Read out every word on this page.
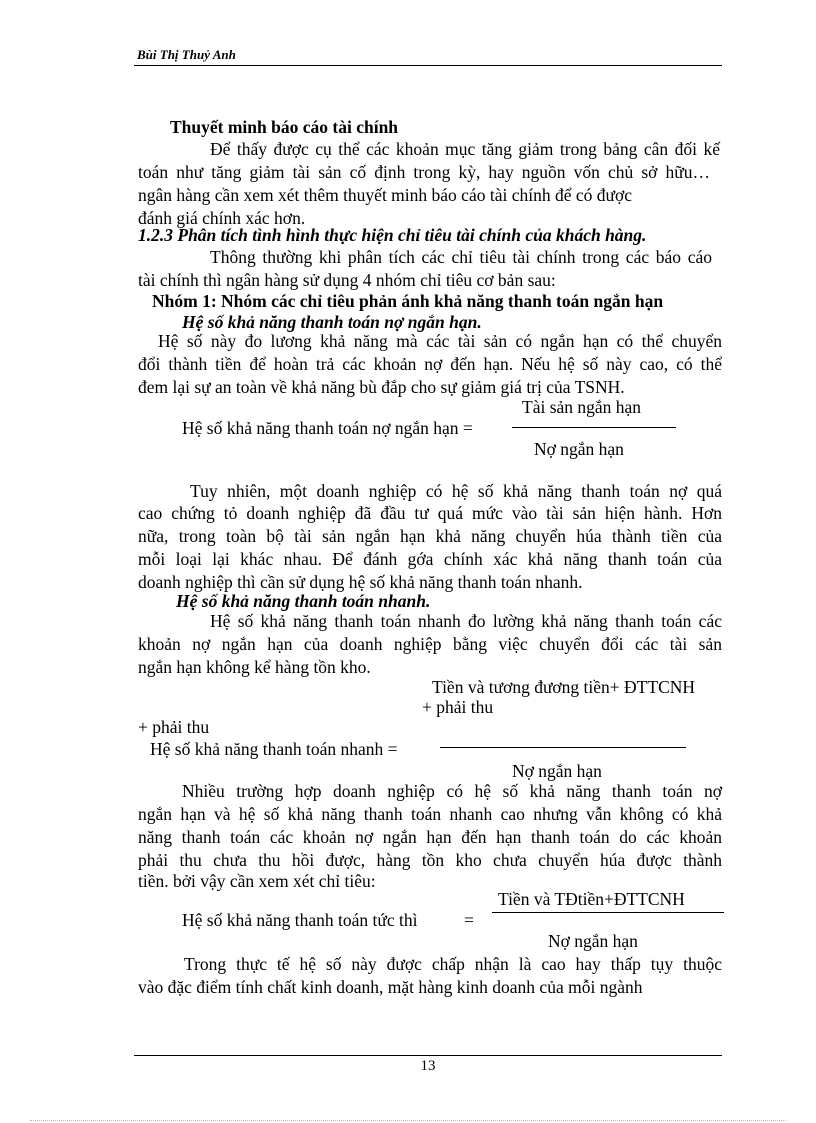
Bùi Thị Thuỷ Anh
Thuyết minh báo cáo tài chính
Để thấy được cụ thể các khoản mục tăng giảm trong bảng cân đối kế
toán như tăng giảm tài sản cố định trong kỳ, hay nguồn vốn chủ sở hữu…
ngân hàng cần xem xét thêm thuyết minh báo cáo tài chính để có được
đánh giá chính xác hơn.
1.2.3 Phân tích tình hình thực hiện chỉ tiêu tài chính của khách hàng.
Thông thường khi phân tích các chỉ tiêu tài chính trong các báo cáo
tài chính thì ngân hàng sử dụng 4 nhóm chỉ tiêu cơ bản sau:
Nhóm 1: Nhóm các chỉ tiêu phản ánh khả năng thanh toán ngắn hạn
Hệ số khả năng thanh toán nợ ngắn hạn.
Hệ số này đo lương khả năng mà các tài sản có ngắn hạn có thể chuyển
đổi thành tiền để hoàn trả các khoản nợ đến hạn. Nếu hệ số này cao, có thể
đem lại sự an toàn về khả năng bù đắp cho sự giảm giá trị của TSNH.
Tài sản ngắn hạn
Hệ số khả năng thanh toán nợ ngắn hạn =
Nợ ngắn hạn
Tuy nhiên, một doanh nghiệp có hệ số khả năng thanh toán nợ quá
cao chứng tỏ doanh nghiệp đã đầu tư quá mức vào tài sản hiện hành. Hơn
nữa, trong toàn bộ tài sản ngắn hạn khả năng chuyển húa thành tiền của
mỗi loại lại khác nhau. Để đánh gớa chính xác khả năng thanh toán của
doanh nghiệp thì cần sử dụng hệ số khả năng thanh toán nhanh.
Hệ số khả năng thanh toán nhanh.
Hệ số khả năng thanh toán nhanh đo lường khả năng thanh toán các
khoản nợ ngắn hạn của doanh nghiệp bằng việc chuyển đổi các tài sản
ngắn hạn không kể hàng tồn kho.
Tiền và tương đương tiền+ ĐTTCNH
+ phải thu
+ phải thu
Hệ số khả năng thanh toán nhanh =
Nợ ngắn hạn
Nhiều trường hợp doanh nghiệp có hệ số khả năng thanh toán nợ
ngắn hạn và hệ số khả năng thanh toán nhanh cao nhưng vẫn không có khả
năng thanh toán các khoản nợ ngắn hạn đến hạn thanh toán do các khoản
phải thu chưa thu hồi được, hàng tồn kho chưa chuyển húa được thành
tiền. bởi vậy cần xem xét chỉ tiêu:
Tiền và TĐtiền+ĐTTCNH
Hệ số khả năng thanh toán tức thì	=
Nợ ngắn hạn
Trong thực tế hệ số này được chấp nhận là cao hay thấp tụy thuộc
vào đặc điểm tính chất kinh doanh, mặt hàng kinh doanh của mỗi ngành
13
